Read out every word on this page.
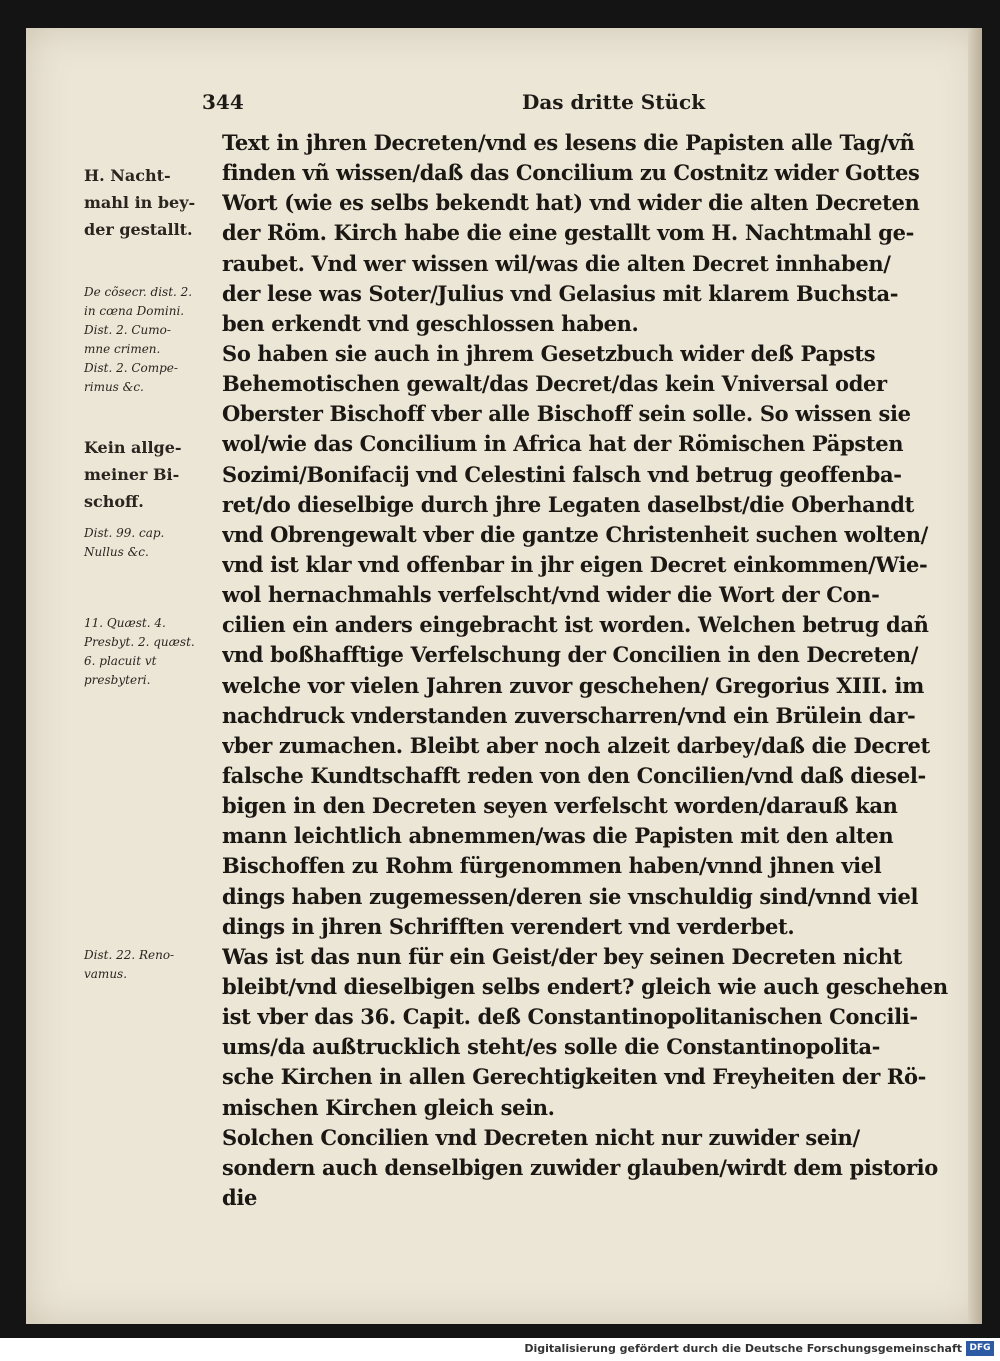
344	Das dritte Stück
H. Nacht-
mahl in bey-
der gestallt.
De cõsecr. dist. 2.
in cœna Domini.
Dist. 2. Cumo-
mne crimen.
Dist. 2. Compe-
rimus &c.
Kein allge-
meiner Bi-
schoff.
Dist. 99. cap.
Nullus &c.
11. Quæst. 4.
Presbyt. 2. quæst.
6. placuit vt
presbyteri.
Dist. 22. Reno-
vamus.
Text in jhren Decreten/vnd es lesens die Papisten alle Tag/vñ
finden vñ wissen/daß das Concilium zu Costnitz wider Gottes
Wort (wie es selbs bekendt hat) vnd wider die alten Decreten
der Röm. Kirch habe die eine gestallt vom H. Nachtmahl ge-
raubet. Vnd wer wissen wil/was die alten Decret innhaben/
der lese was Soter/Julius vnd Gelasius mit klarem Buchsta-
ben erkendt vnd geschlossen haben.
So haben sie auch in jhrem Gesetzbuch wider deß Papsts
Behemotischen gewalt/das Decret/das kein Vniversal oder
Oberster Bischoff vber alle Bischoff sein solle. So wissen sie
wol/wie das Concilium in Africa hat der Römischen Päpsten
Sozimi/Bonifacij vnd Celestini falsch vnd betrug geoffenba-
ret/do dieselbige durch jhre Legaten daselbst/die Oberhandt
vnd Obrengewalt vber die gantze Christenheit suchen wolten/
vnd ist klar vnd offenbar in jhr eigen Decret einkommen/Wie-
wol hernachmahls verfelscht/vnd wider die Wort der Con-
cilien ein anders eingebracht ist worden. Welchen betrug dañ
vnd boßhafftige Verfelschung der Concilien in den Decreten/
welche vor vielen Jahren zuvor geschehen/ Gregorius XIII. im
nachdruck vnderstanden zuverscharren/vnd ein Brülein dar-
vber zumachen. Bleibt aber noch alzeit darbey/daß die Decret
falsche Kundtschafft reden von den Concilien/vnd daß diesel-
bigen in den Decreten seyen verfelscht worden/darauß kan
mann leichtlich abnemmen/was die Papisten mit den alten
Bischoffen zu Rohm fürgenommen haben/vnnd jhnen viel
dings haben zugemessen/deren sie vnschuldig sind/vnnd viel
dings in jhren Schrifften verendert vnd verderbet.
Was ist das nun für ein Geist/der bey seinen Decreten nicht
bleibt/vnd dieselbigen selbs endert? gleich wie auch geschehen
ist vber das 36. Capit. deß Constantinopolitanischen Concili-
ums/da außtrucklich steht/es solle die Constantinopolita-
sche Kirchen in allen Gerechtigkeiten vnd Freyheiten der Rö-
mischen Kirchen gleich sein.
Solchen Concilien vnd Decreten nicht nur zuwider sein/
sondern auch denselbigen zuwider glauben/wirdt dem pistorio
die
Digitalisierung gefördert durch die Deutsche Forschungsgemeinschaft DFG
